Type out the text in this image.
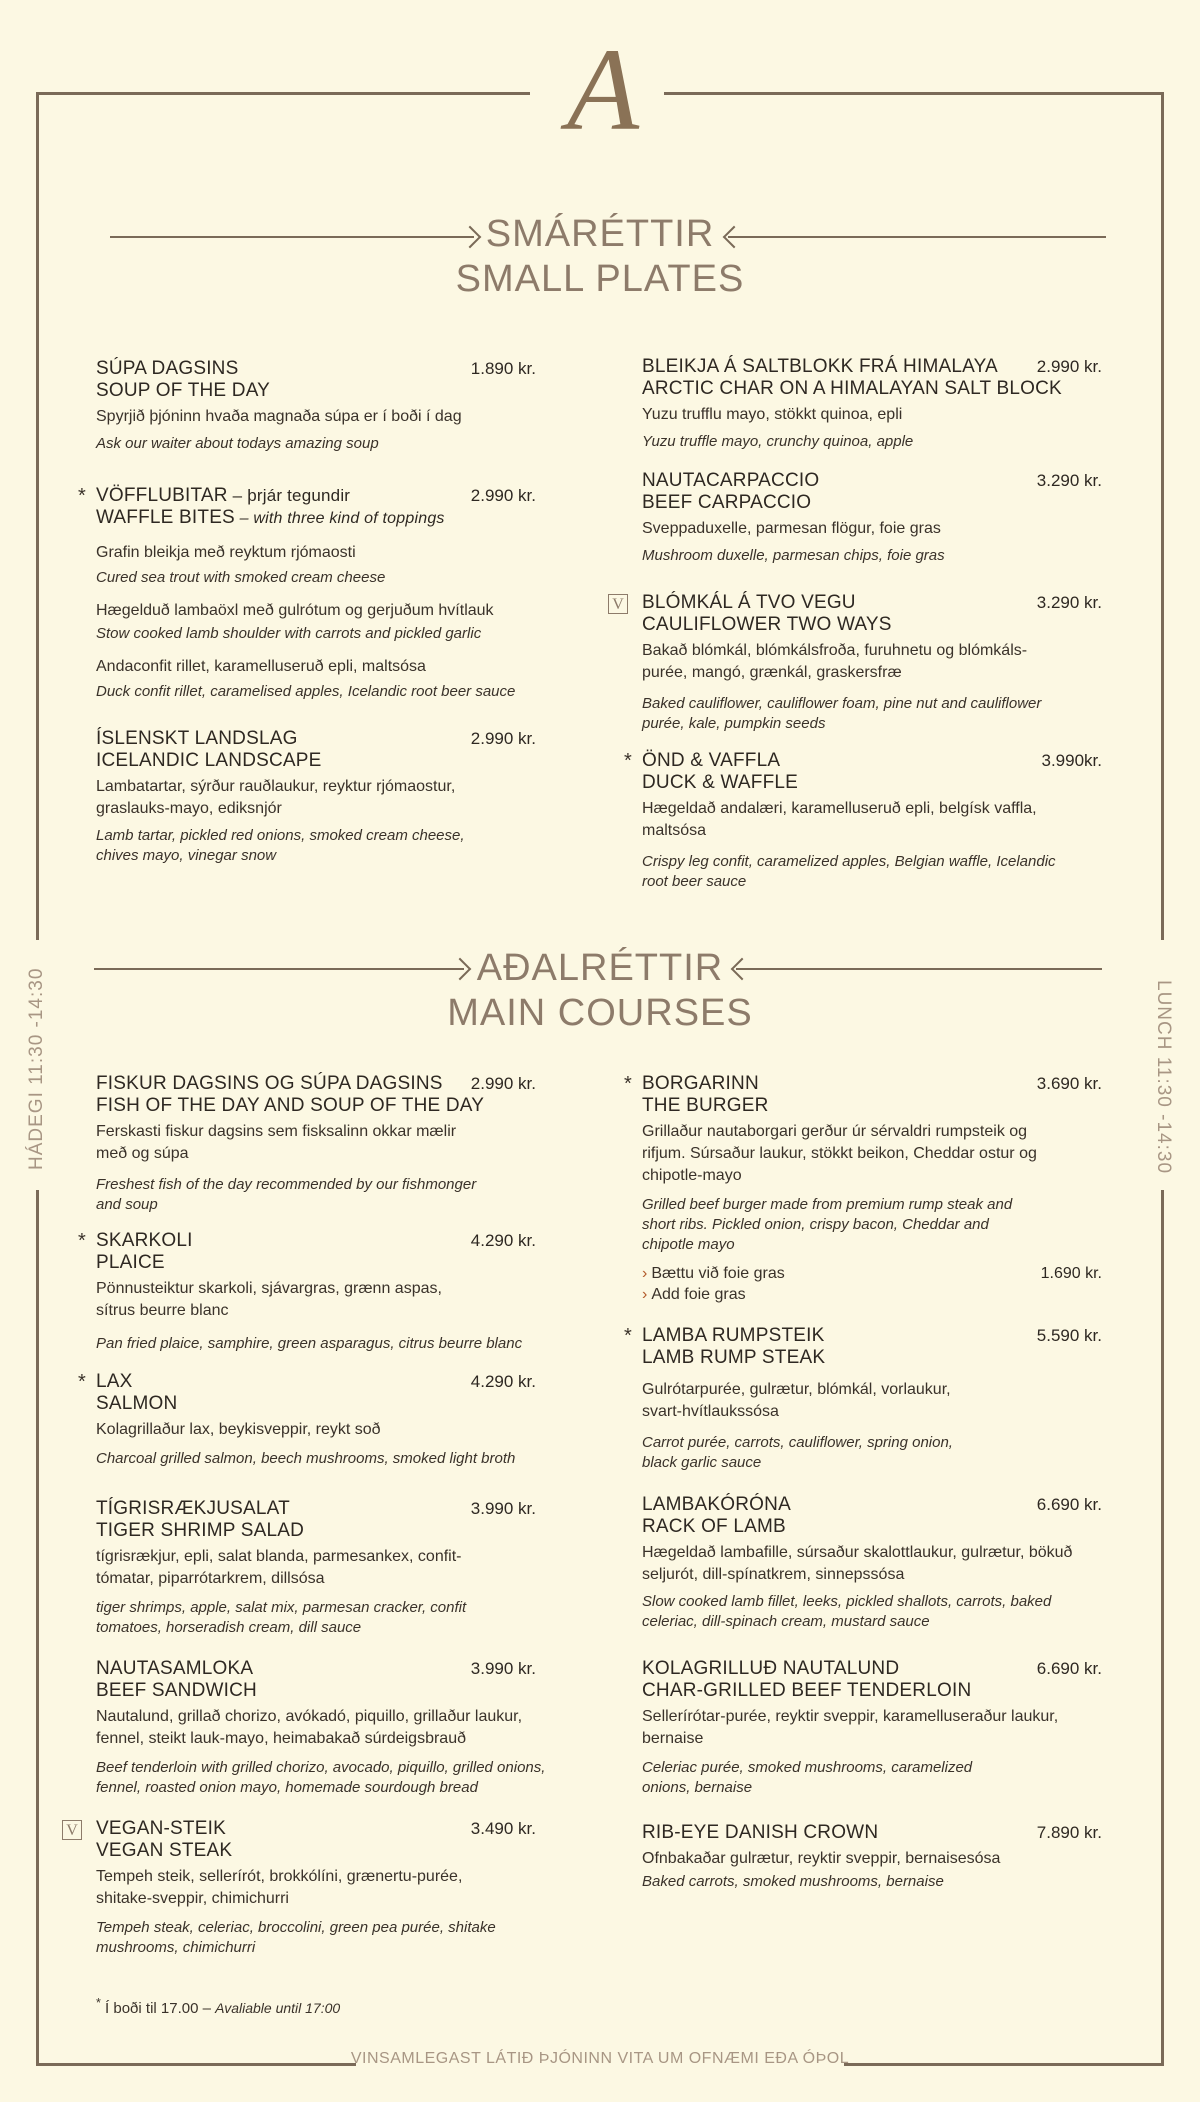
A
HÁDEGI 11:30 -14:30	LUNCH 11:30 -14:30
SMÁRÉTTIR
SMALL PLATES
SÚPA DAGSINS
SOUP OF THE DAY
1.890 kr.
Spyrjið þjóninn hvaða magnaða súpa er í boði í dag
Ask our waiter about todays amazing soup
* VÖFFLUBITAR – þrjár tegundir
WAFFLE BITES – with three kind of toppings
2.990 kr.
Grafin bleikja með reyktum rjómaosti
Cured sea trout with smoked cream cheese
Hægelduð lambaöxl með gulrótum og gerjuðum hvítlauk
Stow cooked lamb shoulder with carrots and pickled garlic
Andaconfit rillet, karamelluseruð epli, maltsósa
Duck confit rillet, caramelised apples, Icelandic root beer sauce
ÍSLENSKT LANDSLAG
ICELANDIC LANDSCAPE
2.990 kr.
Lambatartar, sýrður rauðlaukur, reyktur rjómaostur, graslauks-mayo, ediksnjór
Lamb tartar, pickled red onions, smoked cream cheese, chives mayo, vinegar snow
BLEIKJA Á SALTBLOKK FRÁ HIMALAYA
ARCTIC CHAR ON A HIMALAYAN SALT BLOCK
2.990 kr.
Yuzu trufflu mayo, stökkt quinoa, epli
Yuzu truffle mayo, crunchy quinoa, apple
NAUTACARPACCIO
BEEF CARPACCIO
3.290 kr.
Sveppaduxelle, parmesan flögur, foie gras
Mushroom duxelle, parmesan chips, foie gras
V BLÓMKÁL Á TVO VEGU
CAULIFLOWER TWO WAYS
3.290 kr.
Bakað blómkál, blómkálsfroða, furuhnetu og blómkáls-purée, mangó, grænkál, graskersfræ
Baked cauliflower, cauliflower foam, pine nut and cauliflower purée, kale, pumpkin seeds
* ÖND & VAFFLA
DUCK & WAFFLE
3.990kr.
Hægeldað andalæri, karamelluseruð epli, belgísk vaffla, maltsósa
Crispy leg confit, caramelized apples, Belgian waffle, Icelandic root beer sauce
AÐALRÉTTIR
MAIN COURSES
FISKUR DAGSINS OG SÚPA DAGSINS
FISH OF THE DAY AND SOUP OF THE DAY
2.990 kr.
Ferskasti fiskur dagsins sem fisksalinn okkar mælir með og súpa
Freshest fish of the day recommended by our fishmonger and soup
* SKARKOLI
PLAICE
4.290 kr.
Pönnusteiktur skarkoli, sjávargras, grænn aspas, sítrus beurre blanc
Pan fried plaice, samphire, green asparagus, citrus beurre blanc
* LAX
SALMON
4.290 kr.
Kolagrillaður lax, beykisveppir, reykt soð
Charcoal grilled salmon, beech mushrooms, smoked light broth
TÍGRISRÆKJUSALAT
TIGER SHRIMP SALAD
3.990 kr.
tígrisrækjur, epli, salat blanda, parmesankex, confit-tómatar, piparrótarkrem, dillsósa
tiger shrimps, apple, salat mix, parmesan cracker, confit tomatoes, horseradish cream, dill sauce
NAUTASAMLOKA
BEEF SANDWICH
3.990 kr.
Nautalund, grillað chorizo, avókadó, piquillo, grillaður laukur, fennel, steikt lauk-mayo, heimabakað súrdeigsbrauð
Beef tenderloin with grilled chorizo, avocado, piquillo, grilled onions, fennel, roasted onion mayo, homemade sourdough bread
V VEGAN-STEIK
VEGAN STEAK
3.490 kr.
Tempeh steik, sellerírót, brokkólíni, grænertu-purée, shitake-sveppir, chimichurri
Tempeh steak, celeriac, broccolini, green pea purée, shitake mushrooms, chimichurri
* BORGARINN
THE BURGER
3.690 kr.
Grillaður nautaborgari gerður úr sérvaldri rumpsteik og rifjum. Súrsaður laukur, stökkt beikon, Cheddar ostur og chipotle-mayo
Grilled beef burger made from premium rump steak and short ribs. Pickled onion, crispy bacon, Cheddar and chipotle mayo
› Bættu við foie gras
› Add foie gras
1.690 kr.
* LAMBA RUMPSTEIK
LAMB RUMP STEAK
5.590 kr.
Gulrótarpurée, gulrætur, blómkál, vorlaukur, svart-hvítlaukssósa
Carrot purée, carrots, cauliflower, spring onion, black garlic sauce
LAMBAKÓRÓNA
RACK OF LAMB
6.690 kr.
Hægeldað lambafille, súrsaður skalottlaukur, gulrætur, bökuð seljurót, dill-spínatkrem, sinnepssósa
Slow cooked lamb fillet, leeks, pickled shallots, carrots, baked celeriac, dill-spinach cream, mustard sauce
KOLAGRILLUÐ NAUTALUND
CHAR-GRILLED BEEF TENDERLOIN
6.690 kr.
Sellerírótar-purée, reyktir sveppir, karamelluseraður laukur, bernaise
Celeriac purée, smoked mushrooms, caramelized onions, bernaise
RIB-EYE DANISH CROWN	7.890 kr.
Ofnbakaðar gulrætur, reyktir sveppir, bernaisesósa
Baked carrots, smoked mushrooms, bernaise
* Í boði til 17.00 – Avaliable until 17:00
VINSAMLEGAST LÁTIÐ ÞJÓNINN VITA UM OFNÆMI EÐA ÓÞOL
